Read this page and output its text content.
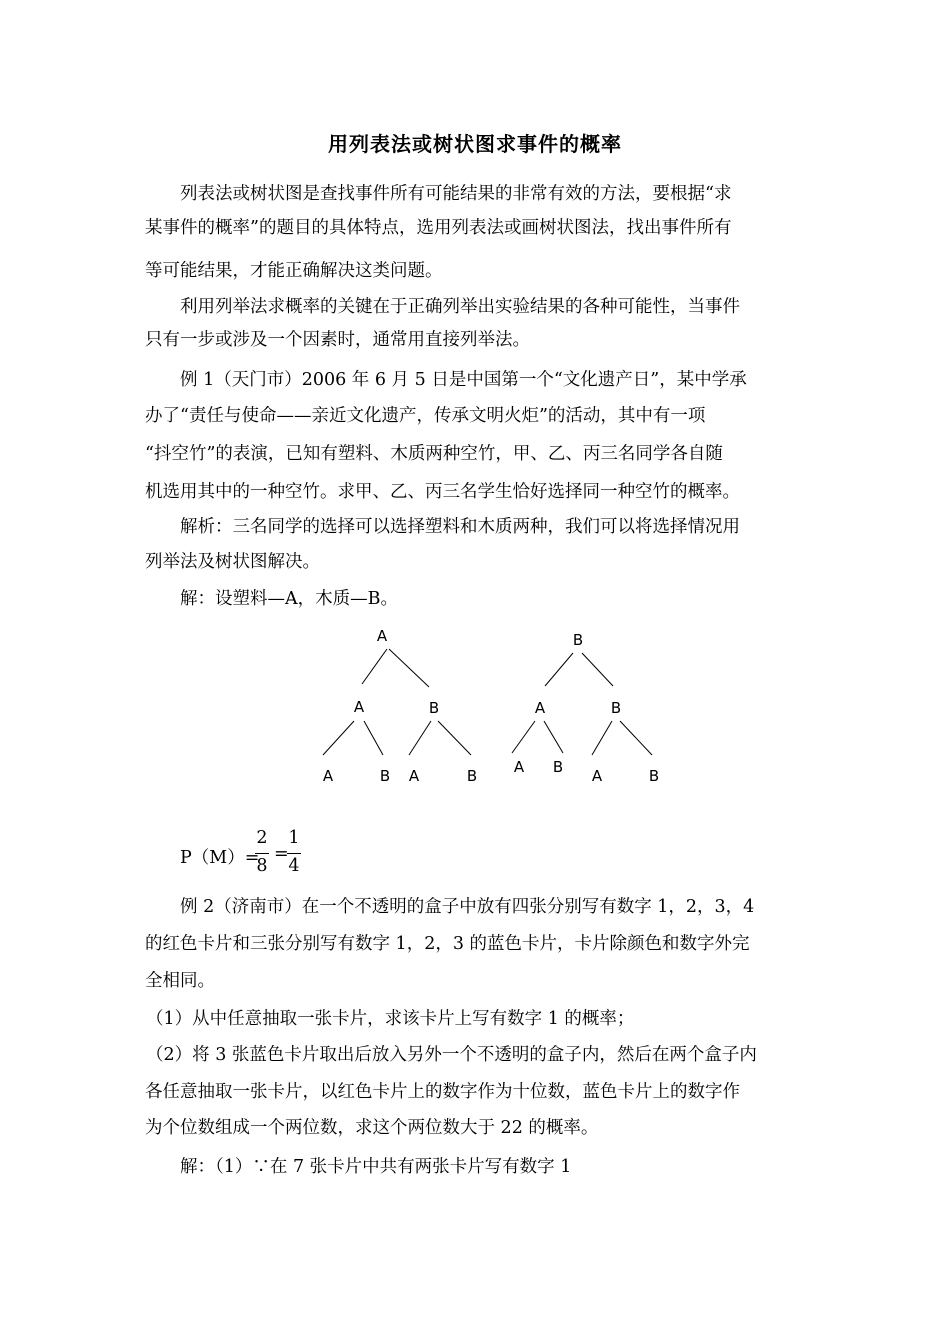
用列表法或树状图求事件的概率
列表法或树状图是查找事件所有可能结果的非常有效的方法，要根据“求
某事件的概率”的题目的具体特点，选用列表法或画树状图法，找出事件所有
等可能结果，才能正确解决这类问题。
利用列举法求概率的关键在于正确列举出实验结果的各种可能性，当事件
只有一步或涉及一个因素时，通常用直接列举法。
例 1（天门市）2006 年 6 月 5 日是中国第一个“文化遗产日”，某中学承
办了“责任与使命——亲近文化遗产，传承文明火炬”的活动，其中有一项
“抖空竹”的表演，已知有塑料、木质两种空竹，甲、乙、丙三名同学各自随
机选用其中的一种空竹。求甲、乙、丙三名学生恰好选择同一种空竹的概率。
解析：三名同学的选择可以选择塑料和木质两种，我们可以将选择情况用
列举法及树状图解决。
解：设塑料—A，木质—B。
A
A	B
A	B A	B
B
A	B
A B A	B
P（M）=
2
8
=
1
4
例 2（济南市）在一个不透明的盒子中放有四张分别写有数字 1，2，3，4
的红色卡片和三张分别写有数字 1，2，3 的蓝色卡片，卡片除颜色和数字外完
全相同。
（1）从中任意抽取一张卡片，求该卡片上写有数字 1 的概率；
（2）将 3 张蓝色卡片取出后放入另外一个不透明的盒子内，然后在两个盒子内
各任意抽取一张卡片，以红色卡片上的数字作为十位数，蓝色卡片上的数字作
为个位数组成一个两位数，求这个两位数大于 22 的概率。
解：（1）∵在 7 张卡片中共有两张卡片写有数字 1
